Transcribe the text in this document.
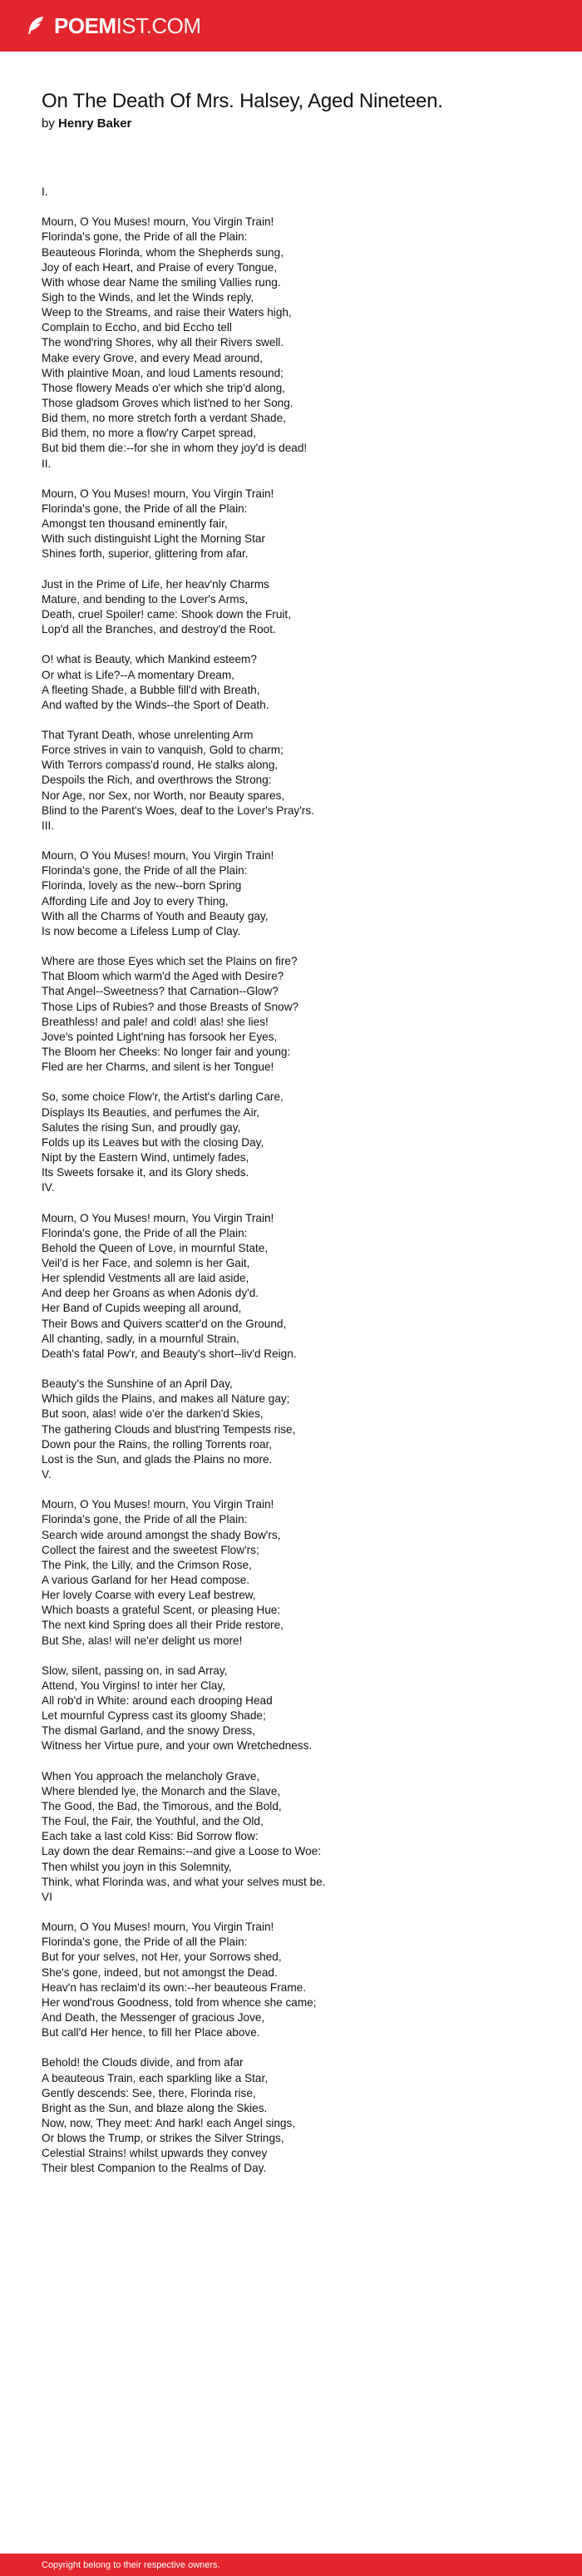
POEMIST.COM
On The Death Of Mrs. Halsey, Aged Nineteen.
by Henry Baker
I.
Mourn, O You Muses! mourn, You Virgin Train!
Florinda's gone, the Pride of all the Plain:
Beauteous Florinda, whom the Shepherds sung,
Joy of each Heart, and Praise of every Tongue,
With whose dear Name the smiling Vallies rung.
Sigh to the Winds, and let the Winds reply,
Weep to the Streams, and raise their Waters high,
Complain to Eccho, and bid Eccho tell
The wond'ring Shores, why all their Rivers swell.
Make every Grove, and every Mead around,
With plaintive Moan, and loud Laments resound;
Those flowery Meads o'er which she trip'd along,
Those gladsom Groves which list'ned to her Song.
Bid them, no more stretch forth a verdant Shade,
Bid them, no more a flow'ry Carpet spread,
But bid them die:--for she in whom they joy'd is dead!
II.
Mourn, O You Muses! mourn, You Virgin Train!
Florinda's gone, the Pride of all the Plain:
Amongst ten thousand eminently fair,
With such distinguisht Light the Morning Star
Shines forth, superior, glittering from afar.
Just in the Prime of Life, her heav'nly Charms
Mature, and bending to the Lover's Arms,
Death, cruel Spoiler! came: Shook down the Fruit,
Lop'd all the Branches, and destroy'd the Root.
O! what is Beauty, which Mankind esteem?
Or what is Life?--A momentary Dream,
A fleeting Shade, a Bubble fill'd with Breath,
And wafted by the Winds--the Sport of Death.
That Tyrant Death, whose unrelenting Arm
Force strives in vain to vanquish, Gold to charm;
With Terrors compass'd round, He stalks along,
Despoils the Rich, and overthrows the Strong:
Nor Age, nor Sex, nor Worth, nor Beauty spares,
Blind to the Parent's Woes, deaf to the Lover's Pray'rs.
III.
Mourn, O You Muses! mourn, You Virgin Train!
Florinda's gone, the Pride of all the Plain:
Florinda, lovely as the new--born Spring
Affording Life and Joy to every Thing,
With all the Charms of Youth and Beauty gay,
Is now become a Lifeless Lump of Clay.
Where are those Eyes which set the Plains on fire?
That Bloom which warm'd the Aged with Desire?
That Angel--Sweetness? that Carnation--Glow?
Those Lips of Rubies? and those Breasts of Snow?
Breathless! and pale! and cold! alas! she lies!
Jove's pointed Light'ning has forsook her Eyes,
The Bloom her Cheeks: No longer fair and young:
Fled are her Charms, and silent is her Tongue!
So, some choice Flow'r, the Artist's darling Care,
Displays Its Beauties, and perfumes the Air,
Salutes the rising Sun, and proudly gay,
Folds up its Leaves but with the closing Day,
Nipt by the Eastern Wind, untimely fades,
Its Sweets forsake it, and its Glory sheds.
IV.
Mourn, O You Muses! mourn, You Virgin Train!
Florinda's gone, the Pride of all the Plain:
Behold the Queen of Love, in mournful State,
Veil'd is her Face, and solemn is her Gait,
Her splendid Vestments all are laid aside,
And deep her Groans as when Adonis dy'd.
Her Band of Cupids weeping all around,
Their Bows and Quivers scatter'd on the Ground,
All chanting, sadly, in a mournful Strain,
Death's fatal Pow'r, and Beauty's short--liv'd Reign.
Beauty's the Sunshine of an April Day,
Which gilds the Plains, and makes all Nature gay;
But soon, alas! wide o'er the darken'd Skies,
The gathering Clouds and blust'ring Tempests rise,
Down pour the Rains, the rolling Torrents roar,
Lost is the Sun, and glads the Plains no more.
V.
Mourn, O You Muses! mourn, You Virgin Train!
Florinda's gone, the Pride of all the Plain:
Search wide around amongst the shady Bow'rs,
Collect the fairest and the sweetest Flow'rs;
The Pink, the Lilly, and the Crimson Rose,
A various Garland for her Head compose.
Her lovely Coarse with every Leaf bestrew,
Which boasts a grateful Scent, or pleasing Hue:
The next kind Spring does all their Pride restore,
But She, alas! will ne'er delight us more!
Slow, silent, passing on, in sad Array,
Attend, You Virgins! to inter her Clay,
All rob'd in White: around each drooping Head
Let mournful Cypress cast its gloomy Shade;
The dismal Garland, and the snowy Dress,
Witness her Virtue pure, and your own Wretchedness.
When You approach the melancholy Grave,
Where blended lye, the Monarch and the Slave,
The Good, the Bad, the Timorous, and the Bold,
The Foul, the Fair, the Youthful, and the Old,
Each take a last cold Kiss: Bid Sorrow flow:
Lay down the dear Remains:--and give a Loose to Woe:
Then whilst you joyn in this Solemnity,
Think, what Florinda was, and what your selves must be.
VI
Mourn, O You Muses! mourn, You Virgin Train!
Florinda's gone, the Pride of all the Plain:
But for your selves, not Her, your Sorrows shed,
She's gone, indeed, but not amongst the Dead.
Heav'n has reclaim'd its own:--her beauteous Frame.
Her wond'rous Goodness, told from whence she came;
And Death, the Messenger of gracious Jove,
But call'd Her hence, to fill her Place above.
Behold! the Clouds divide, and from afar
A beauteous Train, each sparkling like a Star,
Gently descends: See, there, Florinda rise,
Bright as the Sun, and blaze along the Skies.
Now, now, They meet: And hark! each Angel sings,
Or blows the Trump, or strikes the Silver Strings,
Celestial Strains! whilst upwards they convey
Their blest Companion to the Realms of Day.
Copyright belong to their respective owners.
